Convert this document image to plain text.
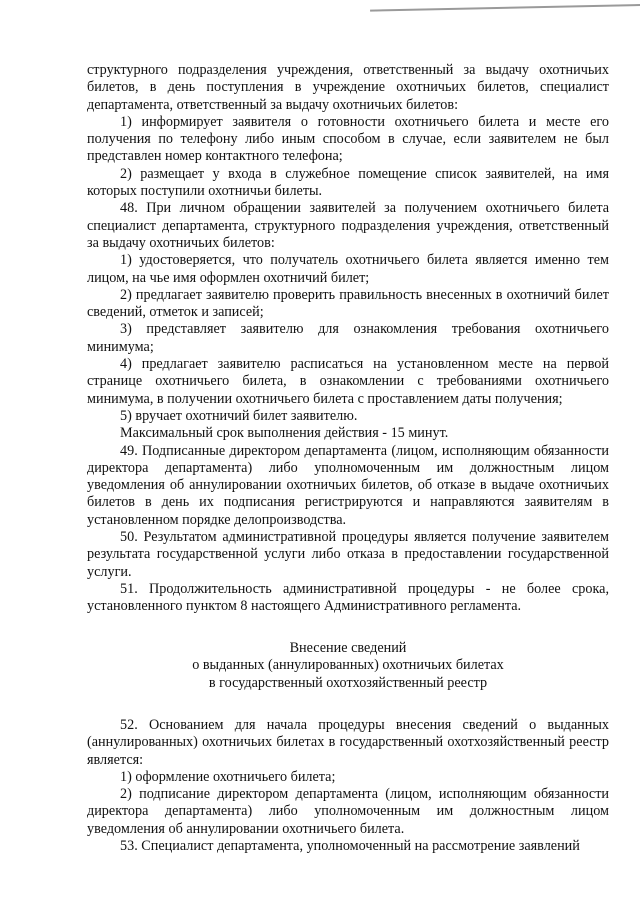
структурного подразделения учреждения, ответственный за выдачу охотничьих билетов, в день поступления в учреждение охотничьих билетов, специалист департамента, ответственный за выдачу охотничьих билетов:

1) информирует заявителя о готовности охотничьего билета и месте его получения по телефону либо иным способом в случае, если заявителем не был представлен номер контактного телефона;

2) размещает у входа в служебное помещение список заявителей, на имя которых поступили охотничьи билеты.

48. При личном обращении заявителей за получением охотничьего билета специалист департамента, структурного подразделения учреждения, ответственный за выдачу охотничьих билетов:

1) удостоверяется, что получатель охотничьего билета является именно тем лицом, на чье имя оформлен охотничий билет;

2) предлагает заявителю проверить правильность внесенных в охотничий билет сведений, отметок и записей;

3) представляет заявителю для ознакомления требования охотничьего минимума;

4) предлагает заявителю расписаться на установленном месте на первой странице охотничьего билета, в ознакомлении с требованиями охотничьего минимума, в получении охотничьего билета с проставлением даты получения;

5) вручает охотничий билет заявителю.

Максимальный срок выполнения действия - 15 минут.

49. Подписанные директором департамента (лицом, исполняющим обязанности директора департамента) либо уполномоченным им должностным лицом уведомления об аннулировании охотничьих билетов, об отказе в выдаче охотничьих билетов в день их подписания регистрируются и направляются заявителям в установленном порядке делопроизводства.

50. Результатом административной процедуры является получение заявителем результата государственной услуги либо отказа в предоставлении государственной услуги.

51. Продолжительность административной процедуры - не более срока, установленного пунктом 8 настоящего Административного регламента.

Внесение сведений
о выданных (аннулированных) охотничьих билетах
в государственный охотхозяйственный реестр

52. Основанием для начала процедуры внесения сведений о выданных (аннулированных) охотничьих билетах в государственный охотхозяйственный реестр является:

1) оформление охотничьего билета;

2) подписание директором департамента (лицом, исполняющим обязанности директора департамента) либо уполномоченным им должностным лицом уведомления об аннулировании охотничьего билета.

53. Специалист департамента, уполномоченный на рассмотрение заявлений
